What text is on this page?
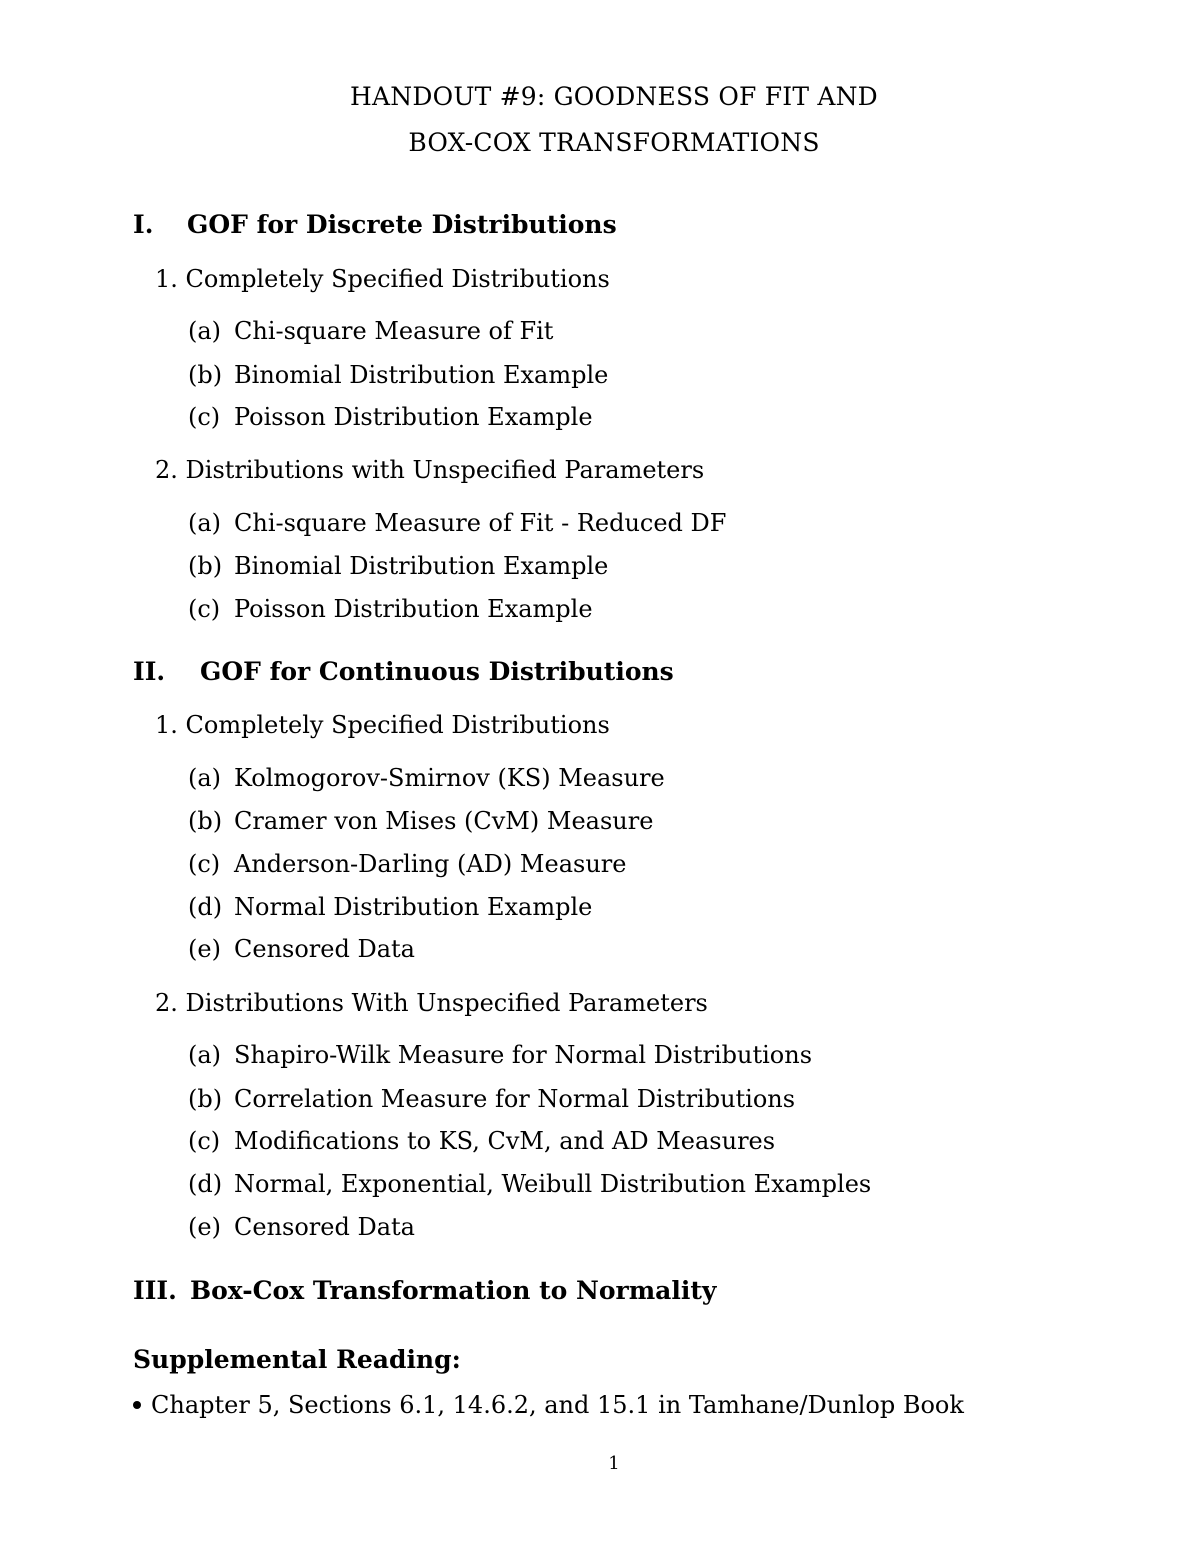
HANDOUT #9: GOODNESS OF FIT AND
BOX-COX TRANSFORMATIONS
I. GOF for Discrete Distributions
1. Completely Specified Distributions
(a) Chi-square Measure of Fit
(b) Binomial Distribution Example
(c) Poisson Distribution Example
2. Distributions with Unspecified Parameters
(a) Chi-square Measure of Fit - Reduced DF
(b) Binomial Distribution Example
(c) Poisson Distribution Example
II. GOF for Continuous Distributions
1. Completely Specified Distributions
(a) Kolmogorov-Smirnov (KS) Measure
(b) Cramer von Mises (CvM) Measure
(c) Anderson-Darling (AD) Measure
(d) Normal Distribution Example
(e) Censored Data
2. Distributions With Unspecified Parameters
(a) Shapiro-Wilk Measure for Normal Distributions
(b) Correlation Measure for Normal Distributions
(c) Modifications to KS, CvM, and AD Measures
(d) Normal, Exponential, Weibull Distribution Examples
(e) Censored Data
III. Box-Cox Transformation to Normality
Supplemental Reading:
Chapter 5, Sections 6.1, 14.6.2, and 15.1 in Tamhane/Dunlop Book
1
